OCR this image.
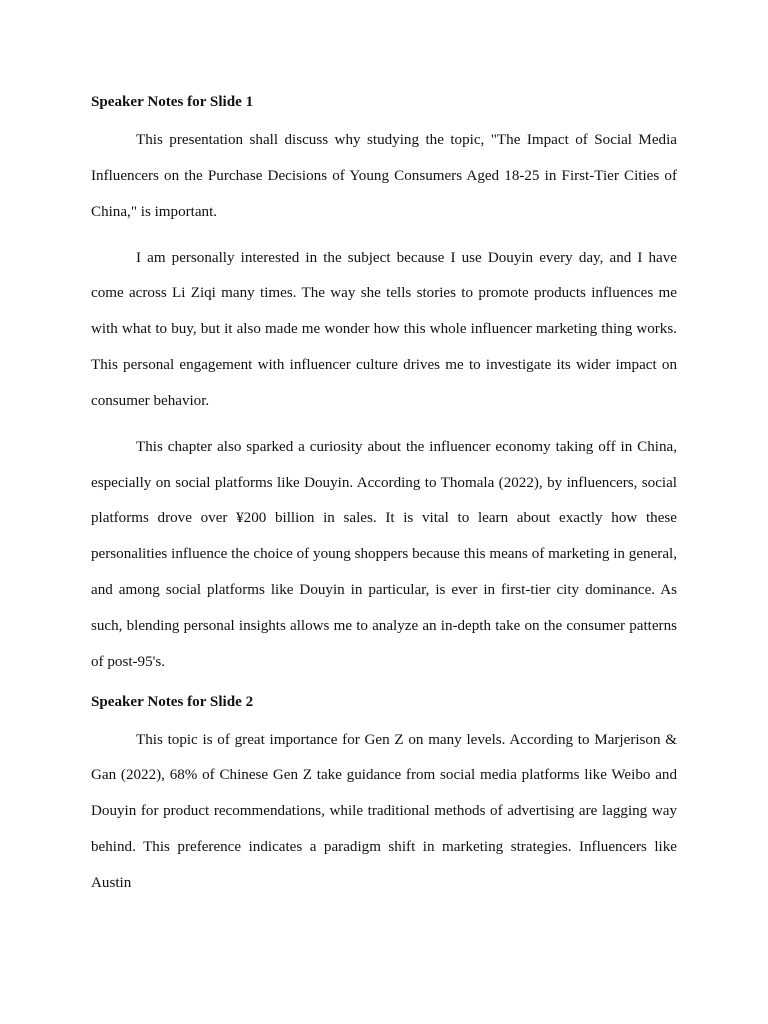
Speaker Notes for Slide 1

This presentation shall discuss why studying the topic, "The Impact of Social Media Influencers on the Purchase Decisions of Young Consumers Aged 18-25 in First-Tier Cities of China," is important.

I am personally interested in the subject because I use Douyin every day, and I have come across Li Ziqi many times. The way she tells stories to promote products influences me with what to buy, but it also made me wonder how this whole influencer marketing thing works. This personal engagement with influencer culture drives me to investigate its wider impact on consumer behavior.

This chapter also sparked a curiosity about the influencer economy taking off in China, especially on social platforms like Douyin. According to Thomala (2022), by influencers, social platforms drove over ¥200 billion in sales. It is vital to learn about exactly how these personalities influence the choice of young shoppers because this means of marketing in general, and among social platforms like Douyin in particular, is ever in first-tier city dominance. As such, blending personal insights allows me to analyze an in-depth take on the consumer patterns of post-95's.

Speaker Notes for Slide 2

This topic is of great importance for Gen Z on many levels. According to Marjerison & Gan (2022), 68% of Chinese Gen Z take guidance from social media platforms like Weibo and Douyin for product recommendations, while traditional methods of advertising are lagging way behind. This preference indicates a paradigm shift in marketing strategies. Influencers like Austin
